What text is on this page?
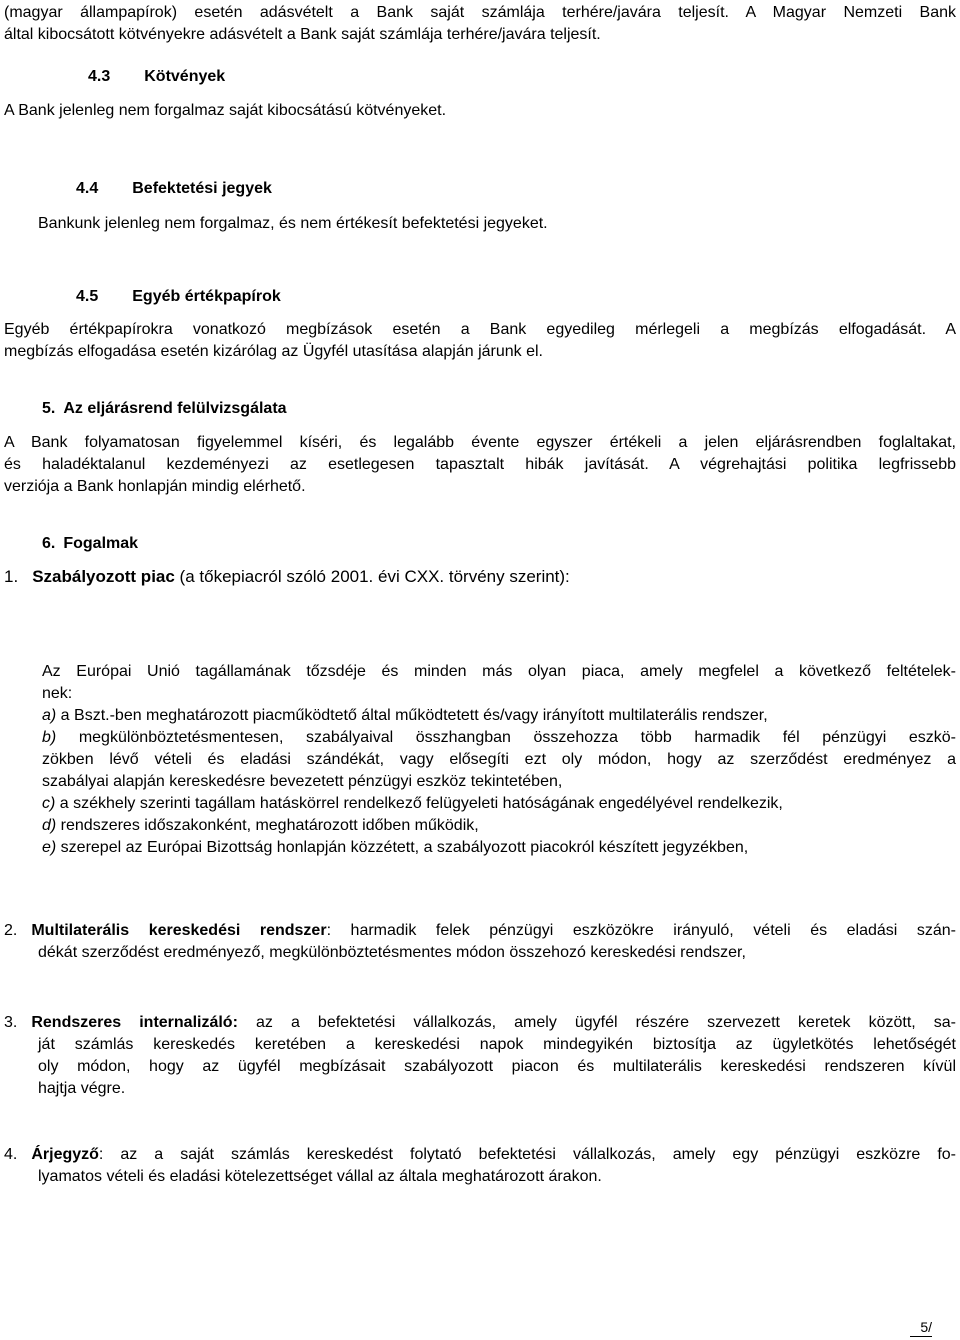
(magyar állampapírok) esetén adásvételt a Bank saját számlája terhére/javára teljesít. A Magyar Nemzeti Bank
által kibocsátott kötvényekre adásvételt a Bank saját számlája terhére/javára teljesít.
4.3 Kötvények
A Bank jelenleg nem forgalmaz saját kibocsátású kötvényeket.
4.4 Befektetési jegyek
Bankunk jelenleg nem forgalmaz, és nem értékesít befektetési jegyeket.
4.5 Egyéb értékpapírok
Egyéb értékpapírokra vonatkozó megbízások esetén a Bank egyedileg mérlegeli a megbízás elfogadását. A
megbízás elfogadása esetén kizárólag az Ügyfél utasítása alapján járunk el.
5. Az eljárásrend felülvizsgálata
A Bank folyamatosan figyelemmel kíséri, és legalább évente egyszer értékeli a jelen eljárásrendben foglaltakat,
és haladéktalanul kezdeményezi az esetlegesen tapasztalt hibák javítását. A végrehajtási politika legfrissebb
verziója a Bank honlapján mindig elérhető.
6. Fogalmak
1. Szabályozott piac (a tőkepiacról szóló 2001. évi CXX. törvény szerint):
Az Európai Unió tagállamának tőzsdéje és minden más olyan piaca, amely megfelel a következő feltételek-
nek:
a) a Bszt.-ben meghatározott piacműködtető által működtetett és/vagy irányított multilaterális rendszer,
b) megkülönböztetésmentesen, szabályaival összhangban összehozza több harmadik fél pénzügyi eszkö-
zökben lévő vételi és eladási szándékát, vagy elősegíti ezt oly módon, hogy az szerződést eredményez a
szabályai alapján kereskedésre bevezetett pénzügyi eszköz tekintetében,
c) a székhely szerinti tagállam hatáskörrel rendelkező felügyeleti hatóságának engedélyével rendelkezik,
d) rendszeres időszakonként, meghatározott időben működik,
e) szerepel az Európai Bizottság honlapján közzétett, a szabályozott piacokról készített jegyzékben,
2. Multilaterális kereskedési rendszer: harmadik felek pénzügyi eszközökre irányuló, vételi és eladási szán-
dékát szerződést eredményező, megkülönböztetésmentes módon összehozó kereskedési rendszer,
3. Rendszeres internalizáló: az a befektetési vállalkozás, amely ügyfél részére szervezett keretek között, sa-
ját számlás kereskedés keretében a kereskedési napok mindegyikén biztosítja az ügyletkötés lehetőségét
oly módon, hogy az ügyfél megbízásait szabályozott piacon és multilaterális kereskedési rendszeren kívül
hajtja végre.
4. Árjegyző: az a saját számlás kereskedést folytató befektetési vállalkozás, amely egy pénzügyi eszközre fo-
lyamatos vételi és eladási kötelezettséget vállal az általa meghatározott árakon.
5/
